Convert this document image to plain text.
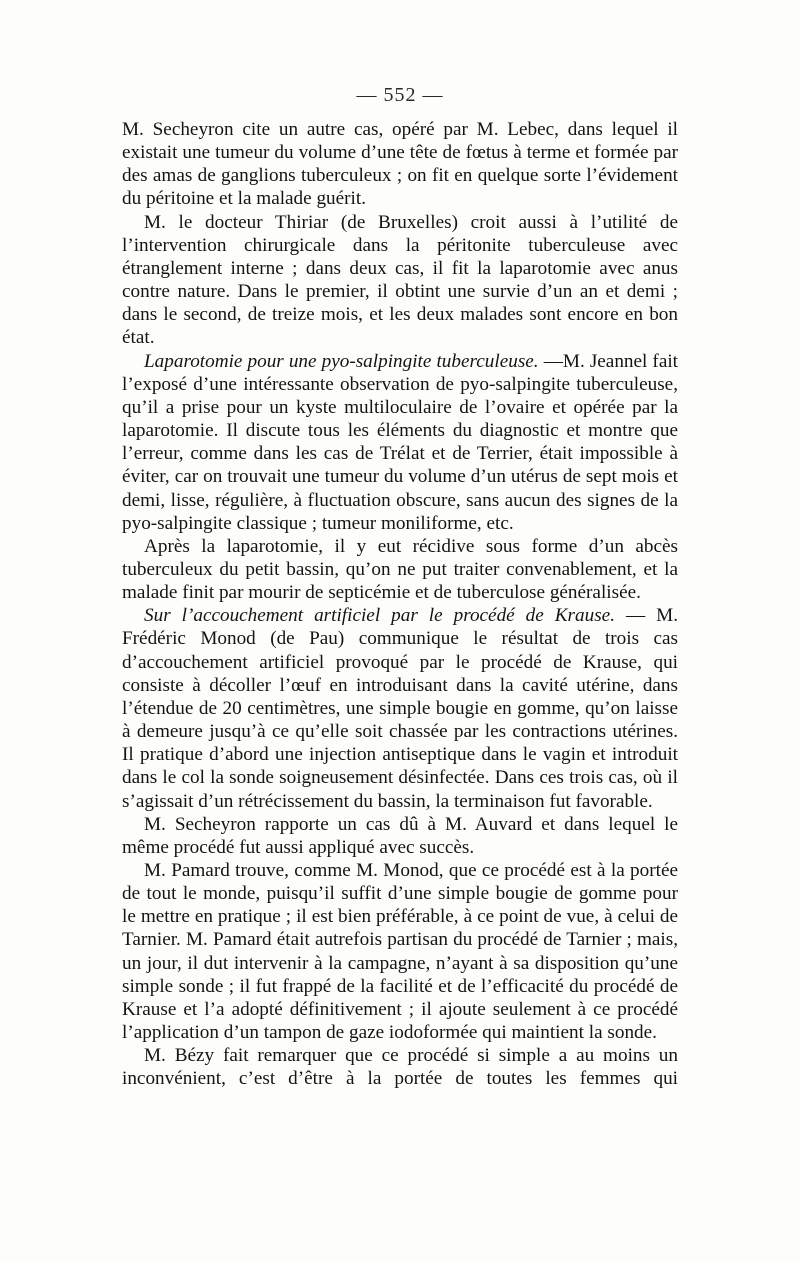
— 552 —

M. Secheyron cite un autre cas, opéré par M. Lebec, dans lequel il existait une tumeur du volume d’une tête de fœtus à terme et formée par des amas de ganglions tuberculeux ; on fit en quelque sorte l’évidement du péritoine et la malade guérit.

M. le docteur Thiriar (de Bruxelles) croit aussi à l’utilité de l’intervention chirurgicale dans la péritonite tuberculeuse avec étranglement interne ; dans deux cas, il fit la laparotomie avec anus contre nature. Dans le premier, il obtint une survie d’un an et demi ; dans le second, de treize mois, et les deux malades sont encore en bon état.

Laparotomie pour une pyo-salpingite tuberculeuse. —M. Jeannel fait l’exposé d’une intéressante observation de pyo-salpingite tuberculeuse, qu’il a prise pour un kyste multiloculaire de l’ovaire et opérée par la laparotomie. Il discute tous les éléments du diagnostic et montre que l’erreur, comme dans les cas de Trélat et de Terrier, était impossible à éviter, car on trouvait une tumeur du volume d’un utérus de sept mois et demi, lisse, régulière, à fluctuation obscure, sans aucun des signes de la pyo-salpingite classique ; tumeur moniliforme, etc.

Après la laparotomie, il y eut récidive sous forme d’un abcès tuberculeux du petit bassin, qu’on ne put traiter convenablement, et la malade finit par mourir de septicémie et de tuberculose généralisée.

Sur l’accouchement artificiel par le procédé de Krause. — M. Frédéric Monod (de Pau) communique le résultat de trois cas d’accouchement artificiel provoqué par le procédé de Krause, qui consiste à décoller l’œuf en introduisant dans la cavité utérine, dans l’étendue de 20 centimètres, une simple bougie en gomme, qu’on laisse à demeure jusqu’à ce qu’elle soit chassée par les contractions utérines. Il pratique d’abord une injection antiseptique dans le vagin et introduit dans le col la sonde soigneusement désinfectée. Dans ces trois cas, où il s’agissait d’un rétrécissement du bassin, la terminaison fut favorable.

M. Secheyron rapporte un cas dû à M. Auvard et dans lequel le même procédé fut aussi appliqué avec succès.

M. Pamard trouve, comme M. Monod, que ce procédé est à la portée de tout le monde, puisqu’il suffit d’une simple bougie de gomme pour le mettre en pratique ; il est bien préférable, à ce point de vue, à celui de Tarnier. M. Pamard était autrefois partisan du procédé de Tarnier ; mais, un jour, il dut intervenir à la campagne, n’ayant à sa disposition qu’une simple sonde ; il fut frappé de la facilité et de l’efficacité du procédé de Krause et l’a adopté définitivement ; il ajoute seulement à ce procédé l’application d’un tampon de gaze iodoformée qui maintient la sonde.

M. Bézy fait remarquer que ce procédé si simple a au moins un inconvénient, c’est d’être à la portée de toutes les femmes qui
